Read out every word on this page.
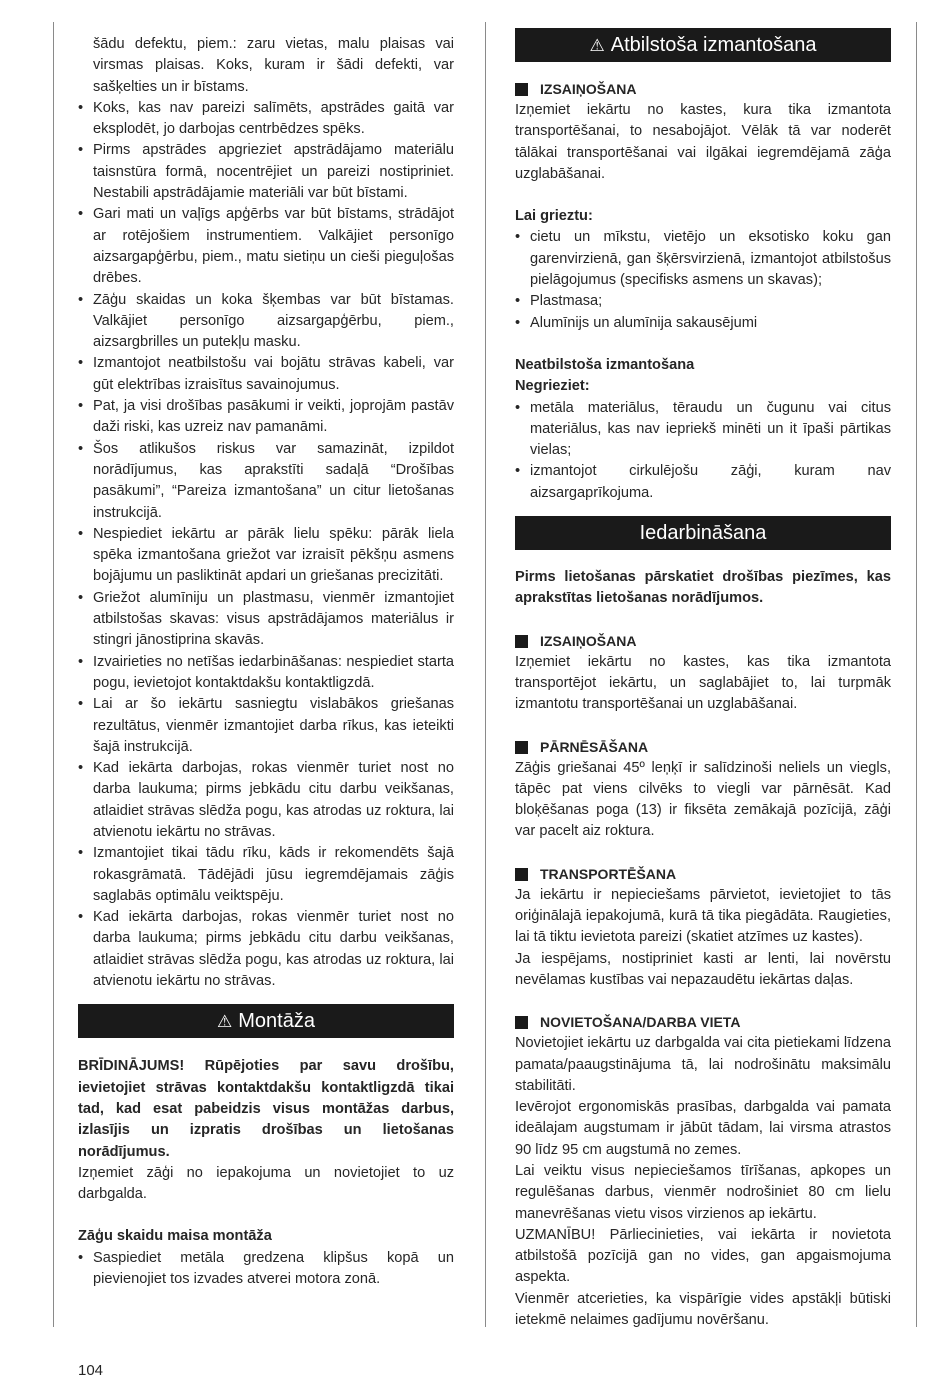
šādu defektu, piem.: zaru vietas, malu plaisas vai virsmas plaisas. Koks, kuram ir šādi defekti, var sašķelties un ir bīstams.

• Koks, kas nav pareizi salīmēts, apstrādes gaitā var eksplodēt, jo darbojas centrbēdzes spēks.
• Pirms apstrādes apgrieziet apstrādājamo materiālu taisnstūra formā, nocentrējiet un pareizi nostipriniet. Nestabili apstrādājamie materiāli var būt bīstami.
• Gari mati un vaļīgs apģērbs var būt bīstams, strādājot ar rotējošiem instrumentiem. Valkājiet personīgo aizsargapģērbu, piem., matu sietiņu un cieši pieguļošas drēbes.
• Zāģu skaidas un koka šķembas var būt bīstamas. Valkājiet personīgo aizsargapģērbu, piem., aizsargbrilles un putekļu masku.
• Izmantojot neatbilstošu vai bojātu strāvas kabeli, var gūt elektrības izraisītus savainojumus.
• Pat, ja visi drošības pasākumi ir veikti, joprojām pastāv daži riski, kas uzreiz nav pamanāmi.
• Šos atlikušos riskus var samazināt, izpildot norādījumus, kas aprakstīti sadaļā “Drošības pasākumi”, “Pareiza izmantošana” un citur lietošanas instrukcijā.
• Nespiediet iekārtu ar pārāk lielu spēku: pārāk liela spēka izmantošana griežot var izraisīt pēkšņu asmens bojājumu un pasliktināt apdari un griešanas precizitāti.
• Griežot alumīniju un plastmasu, vienmēr izmantojiet atbilstošas skavas: visus apstrādājamos materiālus ir stingri jānostiprina skavās.
• Izvairieties no netīšas iedarbināšanas: nespiediet starta pogu, ievietojot kontaktdakšu kontaktligzdā.
• Lai ar šo iekārtu sasniegtu vislabākos griešanas rezultātus, vienmēr izmantojiet darba rīkus, kas ieteikti šajā instrukcijā.
• Kad iekārta darbojas, rokas vienmēr turiet nost no darba laukuma; pirms jebkādu citu darbu veikšanas, atlaidiet strāvas slēdža pogu, kas atrodas uz roktura, lai atvienotu iekārtu no strāvas.
• Izmantojiet tikai tādu rīku, kāds ir rekomendēts šajā rokasgrāmatā. Tādējādi jūsu iegremdējamais zāģis saglabās optimālu veiktspēju.
• Kad iekārta darbojas, rokas vienmēr turiet nost no darba laukuma; pirms jebkādu citu darbu veikšanas, atlaidiet strāvas slēdža pogu, kas atrodas uz roktura, lai atvienotu iekārtu no strāvas.
⚠ Montāža

BRĪDINĀJUMS! Rūpējoties par savu drošību, ievietojiet strāvas kontaktdakšu kontaktligzdā tikai tad, kad esat pabeidzis visus montāžas darbus, izlasījis un izpratis drošības un lietošanas norādījumus.

Izņemiet zāģi no iepakojuma un novietojiet to uz darbgalda.

Zāģu skaidu maisa montāža

• Saspiediet metāla gredzena klipšus kopā un pievienojiet tos izvades atverei motora zonā.
⚠ Atbilstoša izmantošana
IZSAIŅOŠANA

Izņemiet iekārtu no kastes, kura tika izmantota transportēšanai, to nesabojājot. Vēlāk tā var noderēt tālākai transportēšanai vai ilgākai iegremdējamā zāģa uzglabāšanai.

Lai grieztu:

• cietu un mīkstu, vietējo un eksotisko koku gan garenvirzienā, gan šķērsvirzienā, izmantojot atbilstošus pielāgojumus (specifisks asmens un skavas);
• Plastmasa;
• Alumīnijs un alumīnija sakausējumi

Neatbilstoša izmantošana

Negrieziet:

• metāla materiālus, tēraudu un čugunu vai citus materiālus, kas nav iepriekš minēti un it īpaši pārtikas vielas;
• izmantojot cirkulējošu zāģi, kuram nav aizsargaprīkojuma.
Iedarbināšana

Pirms lietošanas pārskatiet drošības piezīmes, kas aprakstītas lietošanas norādījumos.

IZSAIŅOŠANA

Izņemiet iekārtu no kastes, kas tika izmantota transportējot iekārtu, un saglabājiet to, lai turpmāk izmantotu transportēšanai un uzglabāšanai.

PĀRNĒSĀŠANA

Zāģis griešanai 45º leņķī ir salīdzinoši neliels un viegls, tāpēc pat viens cilvēks to viegli var pārnēsāt. Kad bloķēšanas poga (13) ir fiksēta zemākajā pozīcijā, zāģi var pacelt aiz roktura.

TRANSPORTĒŠANA

Ja iekārtu ir nepieciešams pārvietot, ievietojiet to tās oriģinālajā iepakojumā, kurā tā tika piegādāta. Raugieties, lai tā tiktu ievietota pareizi (skatiet atzīmes uz kastes).

Ja iespējams, nostipriniet kasti ar lenti, lai novērstu nevēlamas kustības vai nepazaudētu iekārtas daļas.

NOVIETOŠANA/DARBA VIETA

Novietojiet iekārtu uz darbgalda vai cita pietiekami līdzena pamata/paaugstinājuma tā, lai nodrošinātu maksimālu stabilitāti.

Ievērojot ergonomiskās prasības, darbgalda vai pamata ideālajam augstumam ir jābūt tādam, lai virsma atrastos 90 līdz 95 cm augstumā no zemes.

Lai veiktu visus nepieciešamos tīrīšanas, apkopes un regulēšanas darbus, vienmēr nodrošiniet 80 cm lielu manevrēšanas vietu visos virzienos ap iekārtu.

UZMANĪBU! Pārliecinieties, vai iekārta ir novietota atbilstošā pozīcijā gan no vides, gan apgaismojuma aspekta.

Vienmēr atcerieties, ka vispārīgie vides apstākļi būtiski ietekmē nelaimes gadījumu novēršanu.

104
